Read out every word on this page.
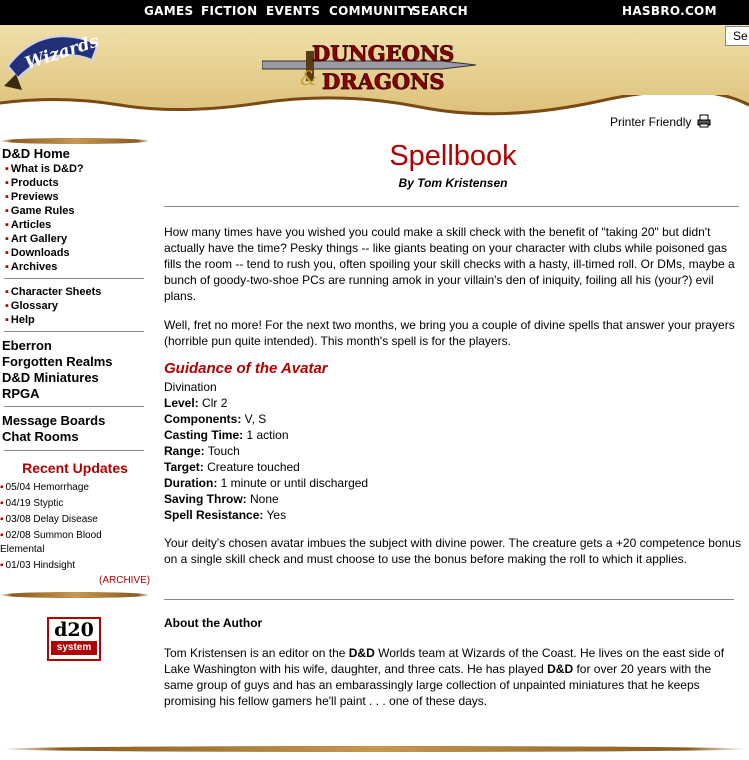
GAMES FICTION EVENTS COMMUNITY
SEARCH	HASBRO.COM
Wizards	DUNGEONS
& DRAGONS
Se
Printer Friendly
D&D Home
▪ What is D&D?
▪ Products
▪ Previews
▪ Game Rules
▪ Articles
▪ Art Gallery
▪ Downloads
▪ Archives
▪ Character Sheets
▪ Glossary
▪ Help
Eberron
Forgotten Realms
D&D Miniatures
RPGA
Message Boards
Chat Rooms
Recent Updates
▪ 05/04 Hemorrhage
▪ 04/19 Styptic
▪ 03/08 Delay Disease
▪ 02/08 Summon Blood Elemental
▪ 01/03 Hindsight
(ARCHIVE)
d20
system
Spellbook
By Tom Kristensen

How many times have you wished you could make a skill check with the benefit of "taking 20" but didn't actually have the time? Pesky things -- like giants beating on your character with clubs while poisoned gas fills the room -- tend to rush you, often spoiling your skill checks with a hasty, ill-timed roll. Or DMs, maybe a bunch of goody-two-shoe PCs are running amok in your villain's den of iniquity, foiling all his (your?) evil plans.

Well, fret no more! For the next two months, we bring you a couple of divine spells that answer your prayers (horrible pun quite intended). This month's spell is for the players.

Guidance of the Avatar
Divination
Level: Clr 2
Components: V, S
Casting Time: 1 action
Range: Touch
Target: Creature touched
Duration: 1 minute or until discharged
Saving Throw: None
Spell Resistance: Yes

Your deity's chosen avatar imbues the subject with divine power. The creature gets a +20 competence bonus on a single skill check and must choose to use the bonus before making the roll to which it applies.

About the Author

Tom Kristensen is an editor on the D&D Worlds team at Wizards of the Coast. He lives on the east side of Lake Washington with his wife, daughter, and three cats. He has played D&D for over 20 years with the same group of guys and has an embarassingly large collection of unpainted miniatures that he keeps promising his fellow gamers he'll paint . . . one of these days.
